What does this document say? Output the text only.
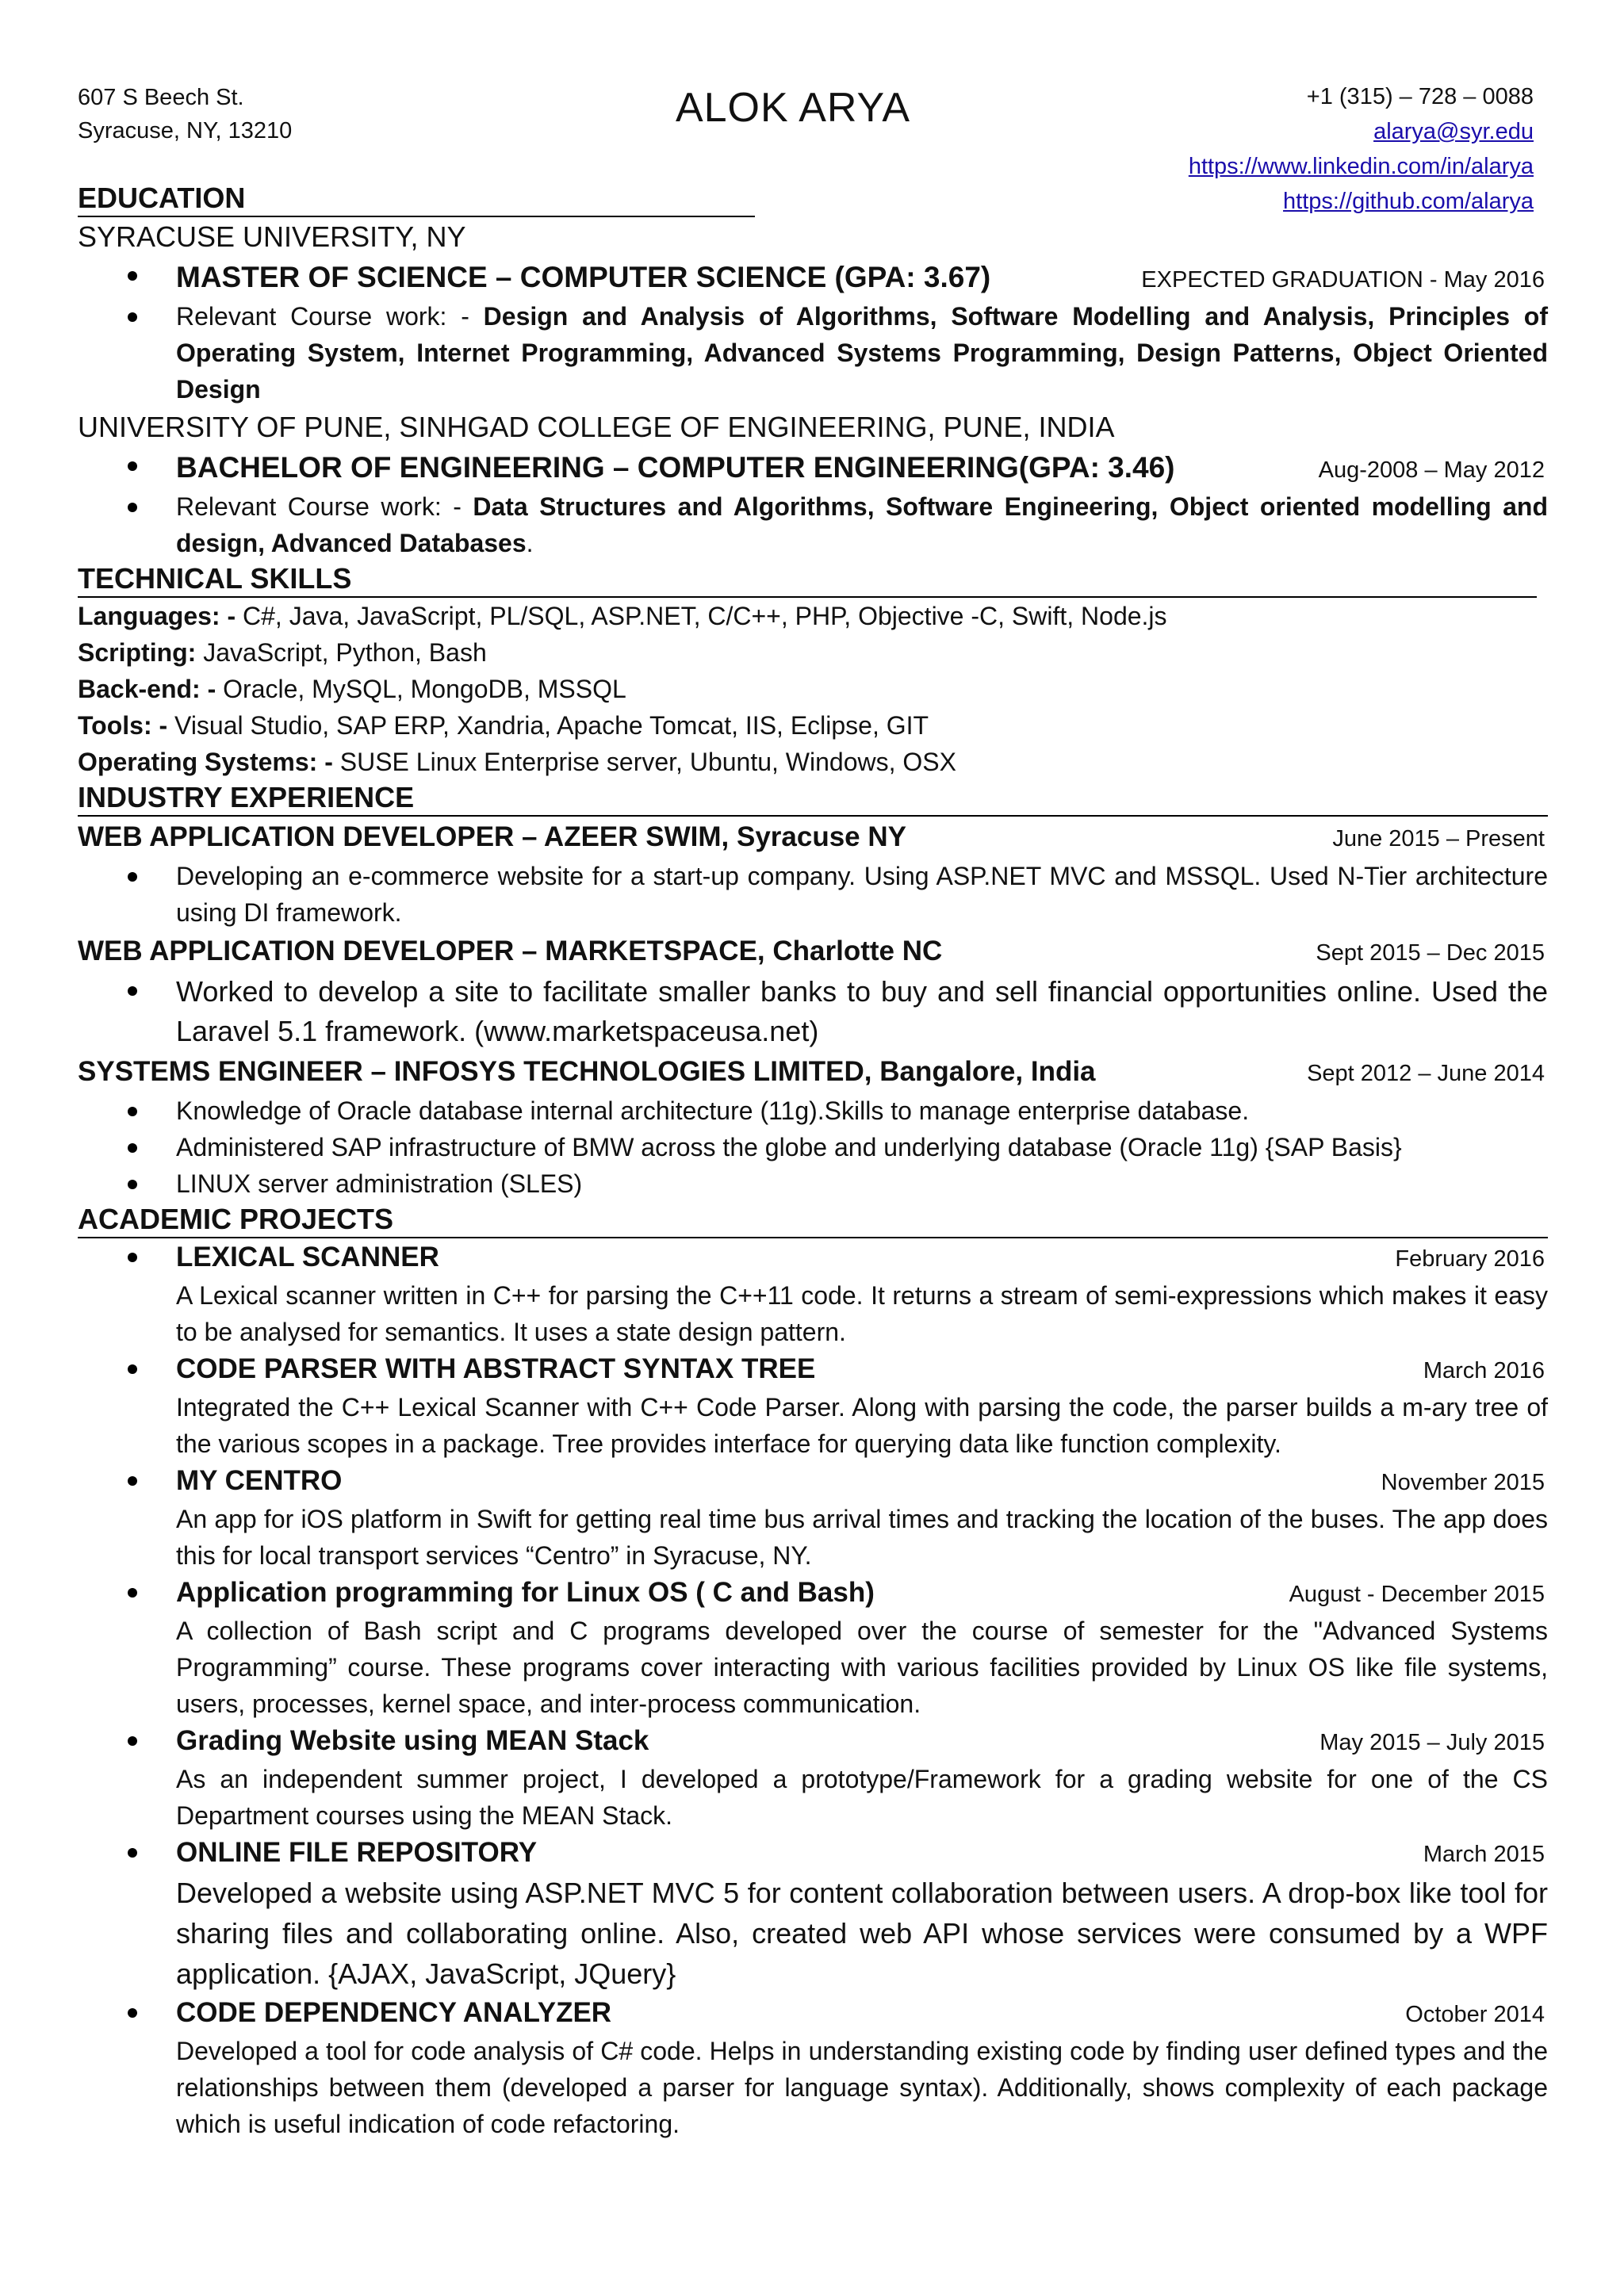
607 S Beech St.
Syracuse, NY, 13210	ALOK ARYA	+1 (315) – 728 – 0088
alarya@syr.edu
https://www.linkedin.com/in/alarya
https://github.com/alarya
EDUCATION
SYRACUSE UNIVERSITY, NY
MASTER OF SCIENCE – COMPUTER SCIENCE (GPA: 3.67)	EXPECTED GRADUATION - May 2016
Relevant Course work: - Design and Analysis of Algorithms, Software Modelling and Analysis, Principles of Operating System, Internet Programming, Advanced Systems Programming, Design Patterns, Object Oriented Design
UNIVERSITY OF PUNE, SINHGAD COLLEGE OF ENGINEERING, PUNE, INDIA
BACHELOR OF ENGINEERING – COMPUTER ENGINEERING(GPA: 3.46)	Aug-2008 – May 2012
Relevant Course work: - Data Structures and Algorithms, Software Engineering, Object oriented modelling and design, Advanced Databases.
TECHNICAL SKILLS
Languages: - C#, Java, JavaScript, PL/SQL, ASP.NET, C/C++, PHP, Objective -C, Swift, Node.js
Scripting: JavaScript, Python, Bash
Back-end: - Oracle, MySQL, MongoDB, MSSQL
Tools: - Visual Studio, SAP ERP, Xandria, Apache Tomcat, IIS, Eclipse, GIT
Operating Systems: - SUSE Linux Enterprise server, Ubuntu, Windows, OSX
INDUSTRY EXPERIENCE
WEB APPLICATION DEVELOPER – AZEER SWIM, Syracuse NY	June 2015 – Present
Developing an e-commerce website for a start-up company. Using ASP.NET MVC and MSSQL. Used N-Tier architecture using DI framework.
WEB APPLICATION DEVELOPER – MARKETSPACE, Charlotte NC	Sept 2015 – Dec 2015
Worked to develop a site to facilitate smaller banks to buy and sell financial opportunities online. Used the Laravel 5.1 framework. (www.marketspaceusa.net)
SYSTEMS ENGINEER – INFOSYS TECHNOLOGIES LIMITED, Bangalore, India	Sept 2012 – June 2014
Knowledge of Oracle database internal architecture (11g).Skills to manage enterprise database.
Administered SAP infrastructure of BMW across the globe and underlying database (Oracle 11g) {SAP Basis}
LINUX server administration (SLES)
ACADEMIC PROJECTS
LEXICAL SCANNER	February 2016
A Lexical scanner written in C++ for parsing the C++11 code. It returns a stream of semi-expressions which makes it easy to be analysed for semantics. It uses a state design pattern.
CODE PARSER WITH ABSTRACT SYNTAX TREE	March 2016
Integrated the C++ Lexical Scanner with C++ Code Parser. Along with parsing the code, the parser builds a m-ary tree of the various scopes in a package. Tree provides interface for querying data like function complexity.
MY CENTRO	November 2015
An app for iOS platform in Swift for getting real time bus arrival times and tracking the location of the buses. The app does this for local transport services “Centro” in Syracuse, NY.
Application programming for Linux OS ( C and Bash)	August - December 2015
A collection of Bash script and C programs developed over the course of semester for the "Advanced Systems Programming” course. These programs cover interacting with various facilities provided by Linux OS like file systems, users, processes, kernel space, and inter-process communication.
Grading Website using MEAN Stack	May 2015 – July 2015
As an independent summer project, I developed a prototype/Framework for a grading website for one of the CS Department courses using the MEAN Stack.
ONLINE FILE REPOSITORY	March 2015
Developed a website using ASP.NET MVC 5 for content collaboration between users. A drop-box like tool for sharing files and collaborating online. Also, created web API whose services were consumed by a WPF application. {AJAX, JavaScript, JQuery}
CODE DEPENDENCY ANALYZER	October 2014
Developed a tool for code analysis of C# code. Helps in understanding existing code by finding user defined types and the relationships between them (developed a parser for language syntax). Additionally, shows complexity of each package which is useful indication of code refactoring.
